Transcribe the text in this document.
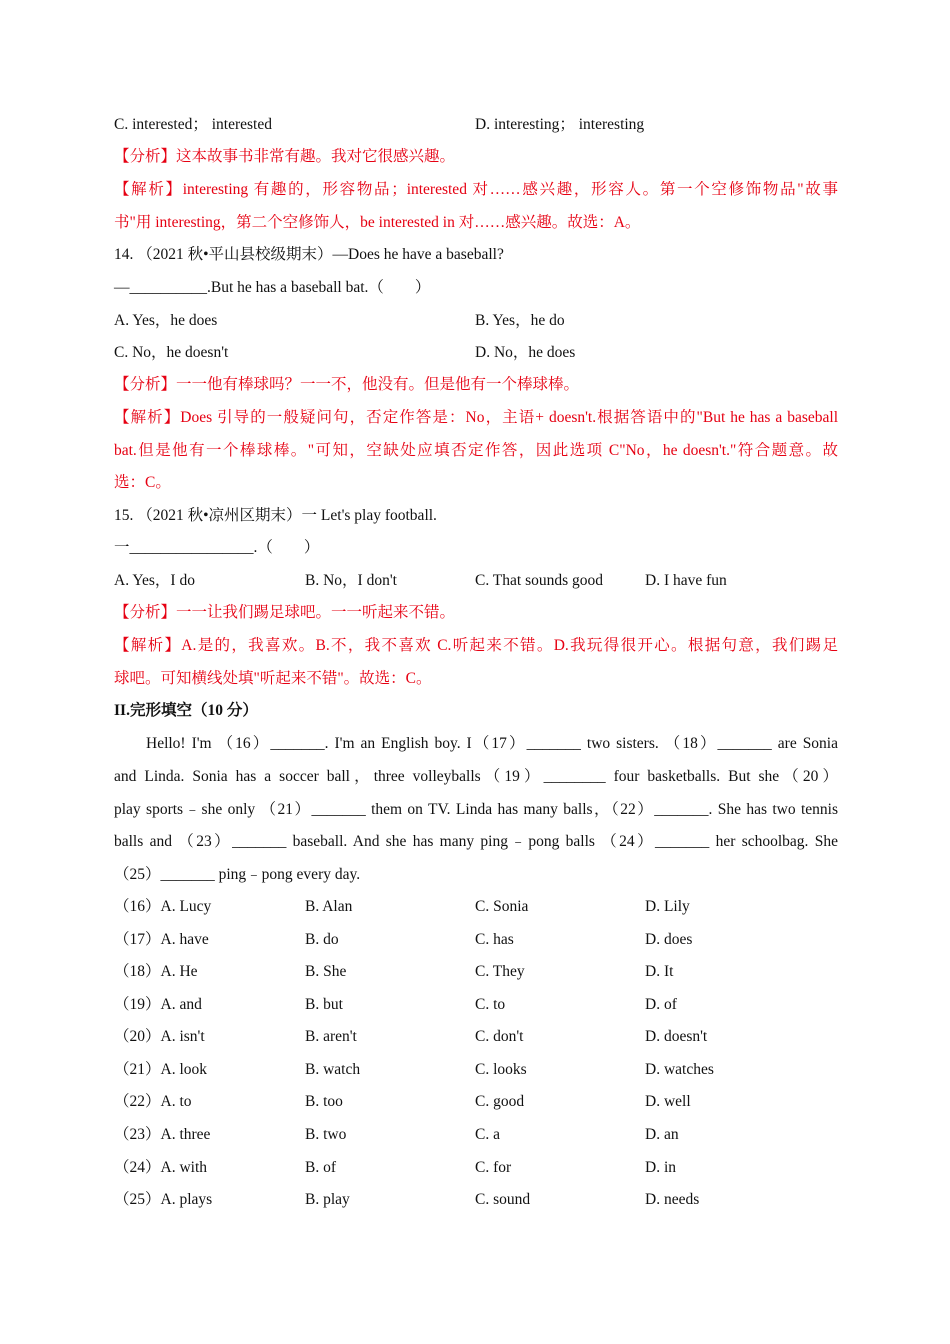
C. interested； interested	D. interesting； interesting
【分析】这本故事书非常有趣。我对它很感兴趣。
【解析】interesting 有趣的，形容物品；interested 对……感兴趣，形容人。第一个空修饰物品"故事
书"用 interesting，第二个空修饰人，be interested in 对……感兴趣。故选：A。
14. （2021 秋•平山县校级期末）—Does he have a baseball?
—__________.But he has a baseball bat.（　　）
A. Yes，he does	B. Yes，he do
C. No，he doesn't	D. No，he does
【分析】一一他有棒球吗？一一不，他没有。但是他有一个棒球棒。
【解析】Does 引导的一般疑问句，否定作答是：No，主语+ doesn't.根据答语中的"But he has a baseball
bat.但是他有一个棒球棒。"可知，空缺处应填否定作答，因此选项 C"No，he doesn't."符合题意。故
选：C。
15. （2021 秋•凉州区期末）一 Let's play football.
一________________.（　　）
A. Yes，I do	B. No，I don't	C. That sounds good	D. I have fun
【分析】一一让我们踢足球吧。一一听起来不错。
【解析】A.是的，我喜欢。B.不，我不喜欢 C.听起来不错。D.我玩得很开心。根据句意，我们踢足
球吧。可知横线处填"听起来不错"。故选：C。
II.完形填空（10 分）
Hello! I'm （16）_______. I'm an English boy. I（17）_______ two sisters. （18）_______ are Sonia
and Linda. Sonia has a soccer ball，three volleyballs（19）________ four basketballs. But she（20）
play sports﹣she only （21）_______ them on TV. Linda has many balls，（22）_______. She has two tennis
balls and （23）_______ baseball. And she has many ping﹣pong balls （24）_______ her schoolbag. She
（25）_______ ping﹣pong every day.
（16）A. Lucy	B. Alan	C. Sonia	D. Lily
（17）A. have	B. do	C. has	D. does
（18）A. He	B. She	C. They	D. It
（19）A. and	B. but	C. to	D. of
（20）A. isn't	B. aren't	C. don't	D. doesn't
（21）A. look	B. watch	C. looks	D. watches
（22）A. to	B. too	C. good	D. well
（23）A. three	B. two	C. a	D. an
（24）A. with	B. of	C. for	D. in
（25）A. plays	B. play	C. sound	D. needs
